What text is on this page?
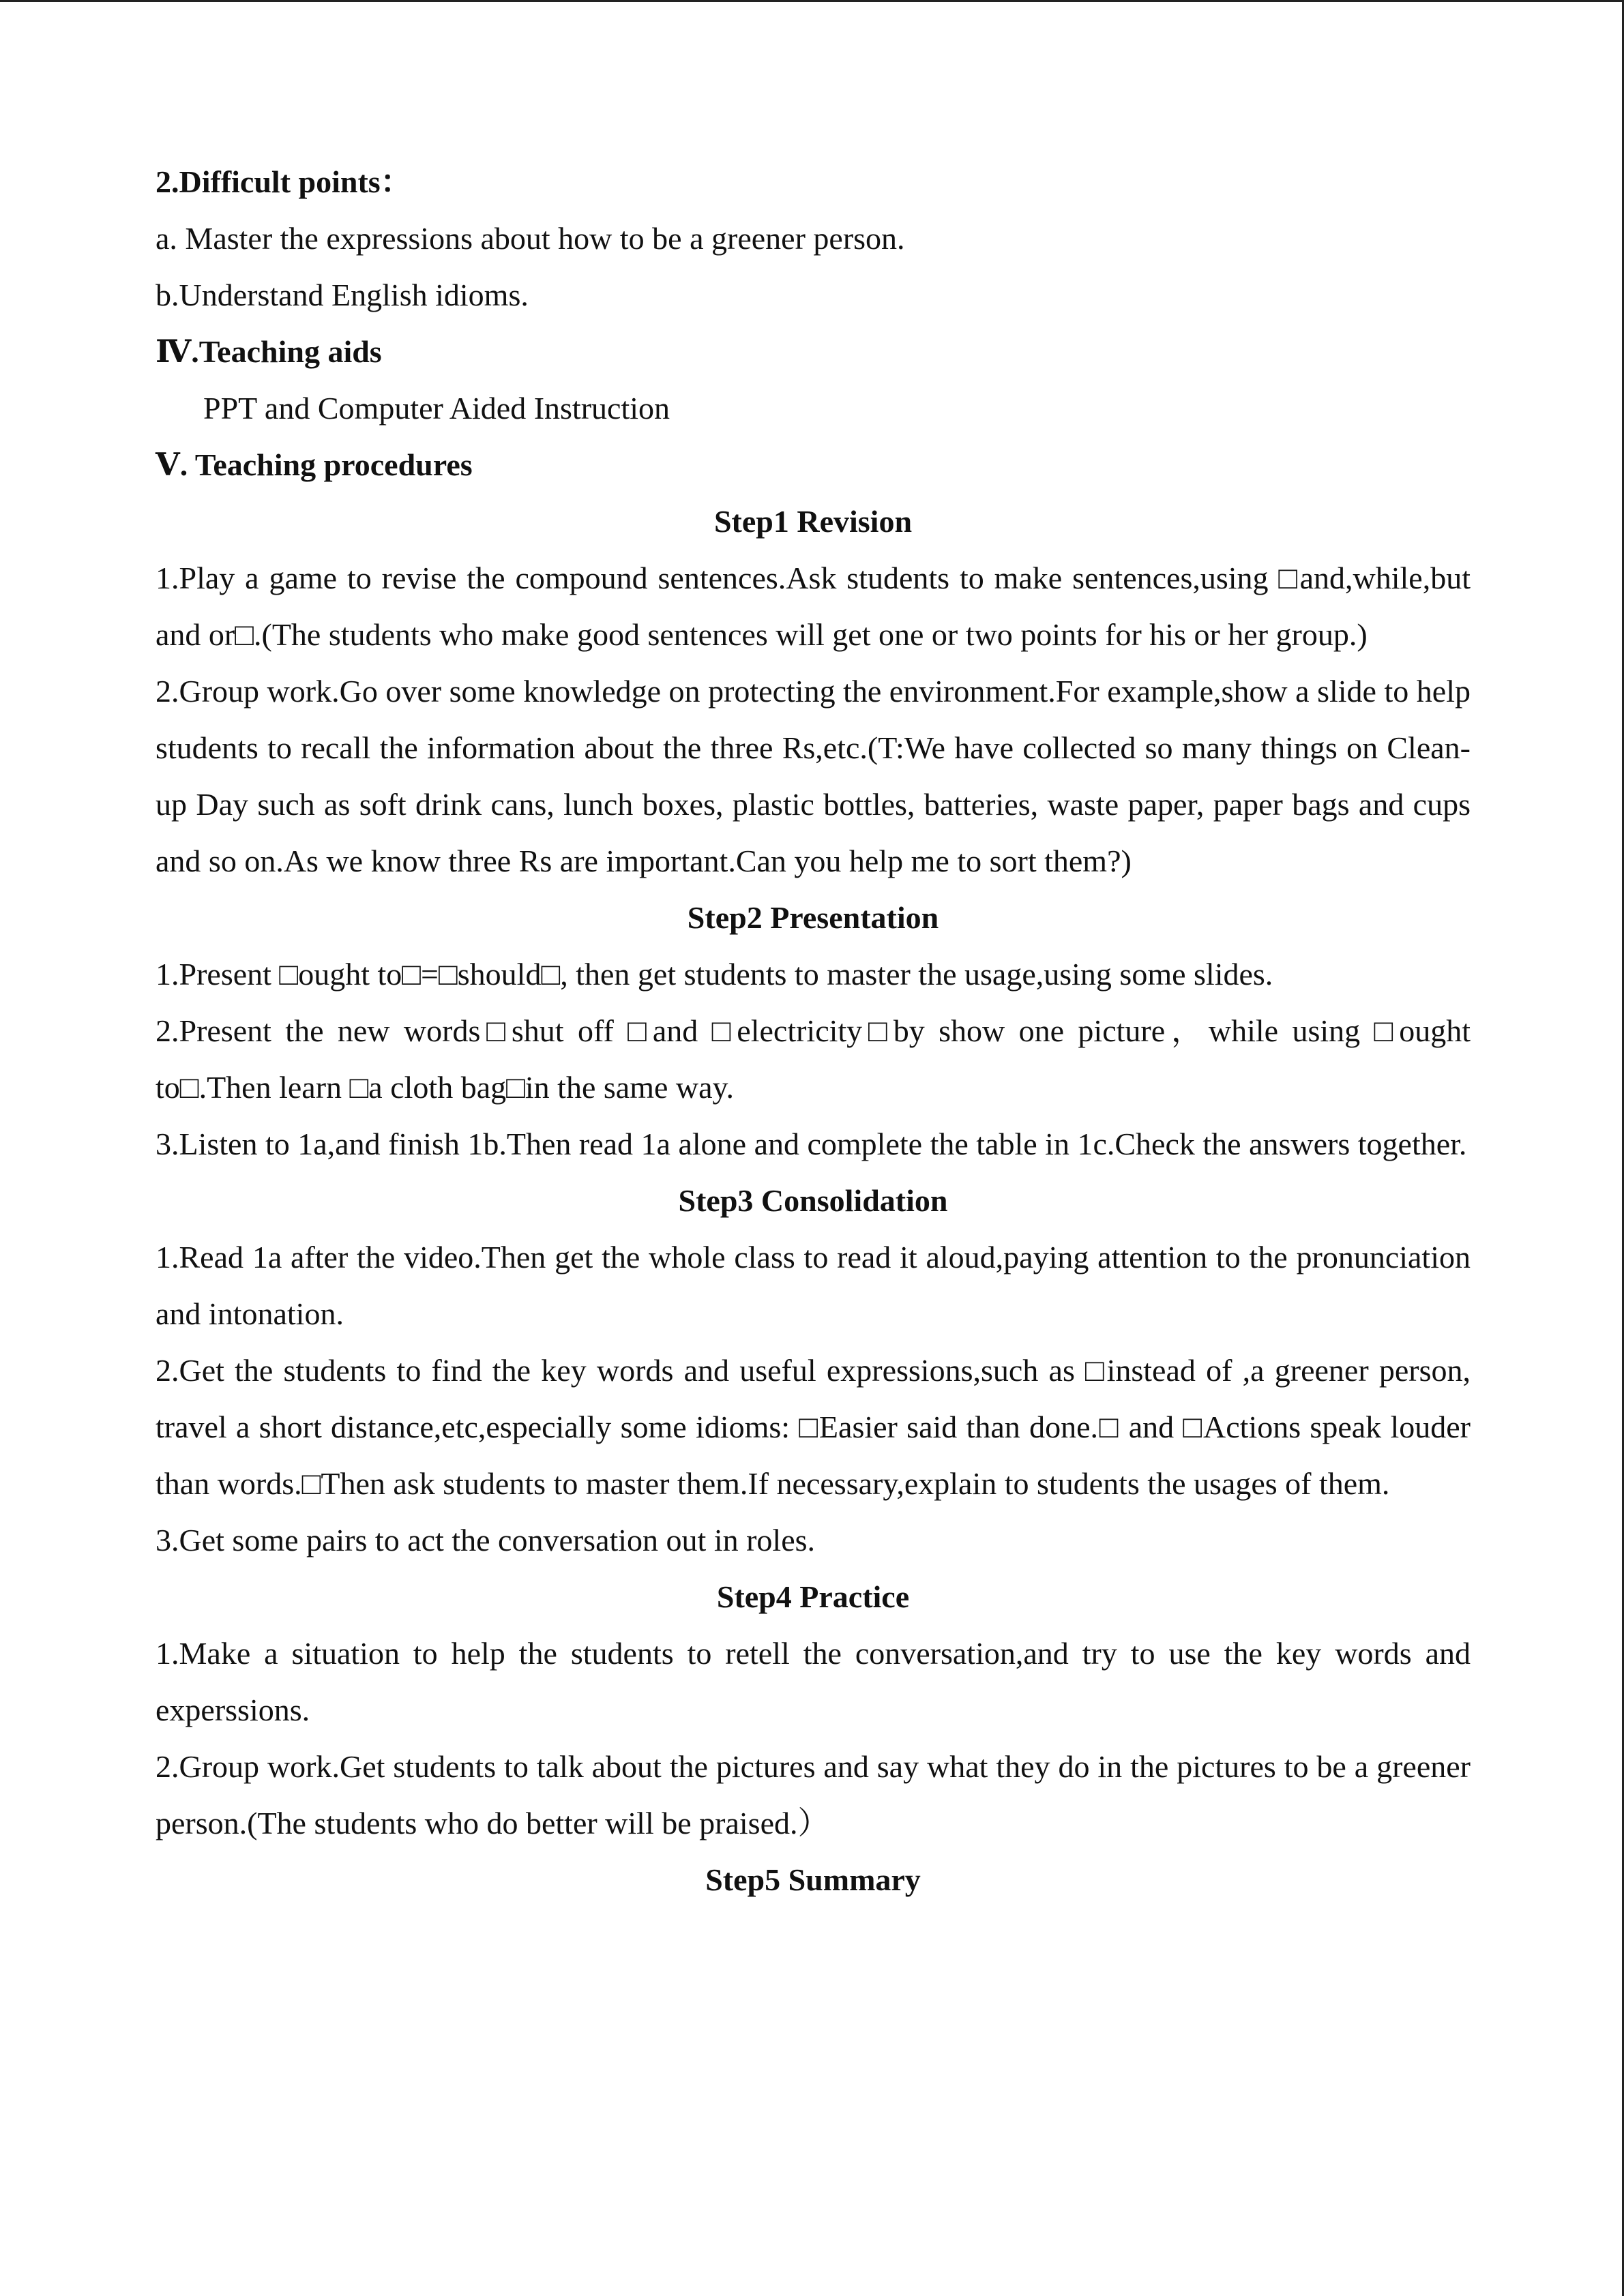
2.Difficult points：

a. Master the expressions about how to be a greener person.

b.Understand English idioms.

Ⅳ.Teaching aids

PPT and Computer Aided Instruction

Ⅴ. Teaching procedures

Step1 Revision

1.Play a game to revise the compound sentences.Ask students to make sentences,using □and,while,but and or□.(The students who make good sentences will get one or two points for his or her group.)

2.Group work.Go over some knowledge on protecting the environment.For example,show a slide to help students to recall the information about the three Rs,etc.(T:We have collected so many things on Clean-up Day such as soft drink cans, lunch boxes, plastic bottles, batteries, waste paper, paper bags and cups and so on.As we know three Rs are important.Can you help me to sort them?)

Step2 Presentation

1.Present □ought to□=□should□, then get students to master the usage,using some slides.

2.Present the new words□shut off □and □electricity□by show one picture，while using □ought to□.Then learn □a cloth bag□in the same way.

3.Listen to 1a,and finish 1b.Then read 1a alone and complete the table in 1c.Check the answers together.

Step3 Consolidation

1.Read 1a after the video.Then get the whole class to read it aloud,paying attention to the pronunciation and intonation.

2.Get the students to find the key words and useful expressions,such as □instead of ,a greener person, travel a short distance,etc,especially some idioms: □Easier said than done.□ and □Actions speak louder than words.□Then ask students to master them.If necessary,explain to students the usages of them.

3.Get some pairs to act the conversation out in roles.

Step4 Practice

1.Make a situation to help the students to retell the conversation,and try to use the key words and experssions.

2.Group work.Get students to talk about the pictures and say what they do in the pictures to be a greener person.(The students who do better will be praised.）

Step5 Summary
